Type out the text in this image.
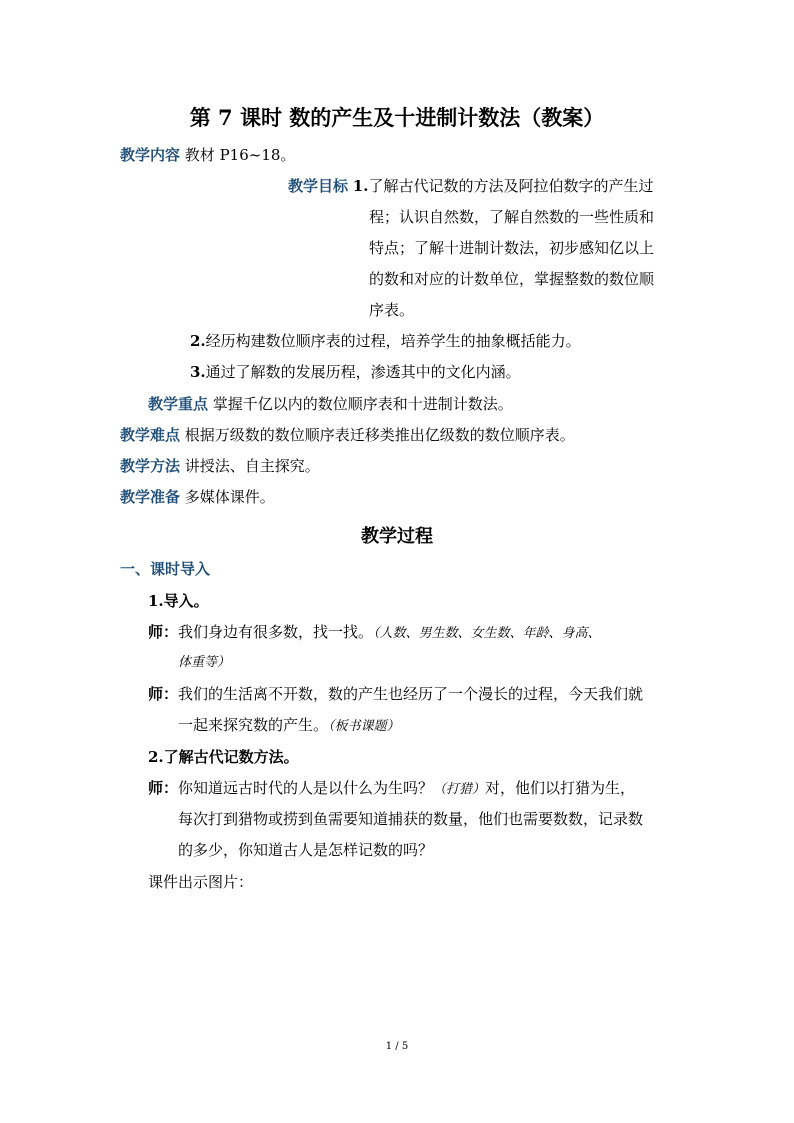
第 7 课时 数的产生及十进制计数法（教案）
教学内容 教材 P16~18。
教学目标 1.了解古代记数的方法及阿拉伯数字的产生过
程；认识自然数，了解自然数的一些性质和
特点；了解十进制计数法，初步感知亿以上
的数和对应的计数单位，掌握整数的数位顺
序表。
2.经历构建数位顺序表的过程，培养学生的抽象概括能力。
3.通过了解数的发展历程，渗透其中的文化内涵。
教学重点 掌握千亿以内的数位顺序表和十进制计数法。
教学难点 根据万级数的数位顺序表迁移类推出亿级数的数位顺序表。
教学方法 讲授法、自主探究。
教学准备 多媒体课件。
教学过程
一、课时导入
1.导入。
师：我们身边有很多数，找一找。（人数、男生数、女生数、年龄、身高、
体重等）
师：我们的生活离不开数，数的产生也经历了一个漫长的过程，今天我们就
一起来探究数的产生。（板书课题）
2.了解古代记数方法。
师：你知道远古时代的人是以什么为生吗？（打猎）对，他们以打猎为生，
每次打到猎物或捞到鱼需要知道捕获的数量，他们也需要数数，记录数
的多少，你知道古人是怎样记数的吗？
课件出示图片：
1 / 5
